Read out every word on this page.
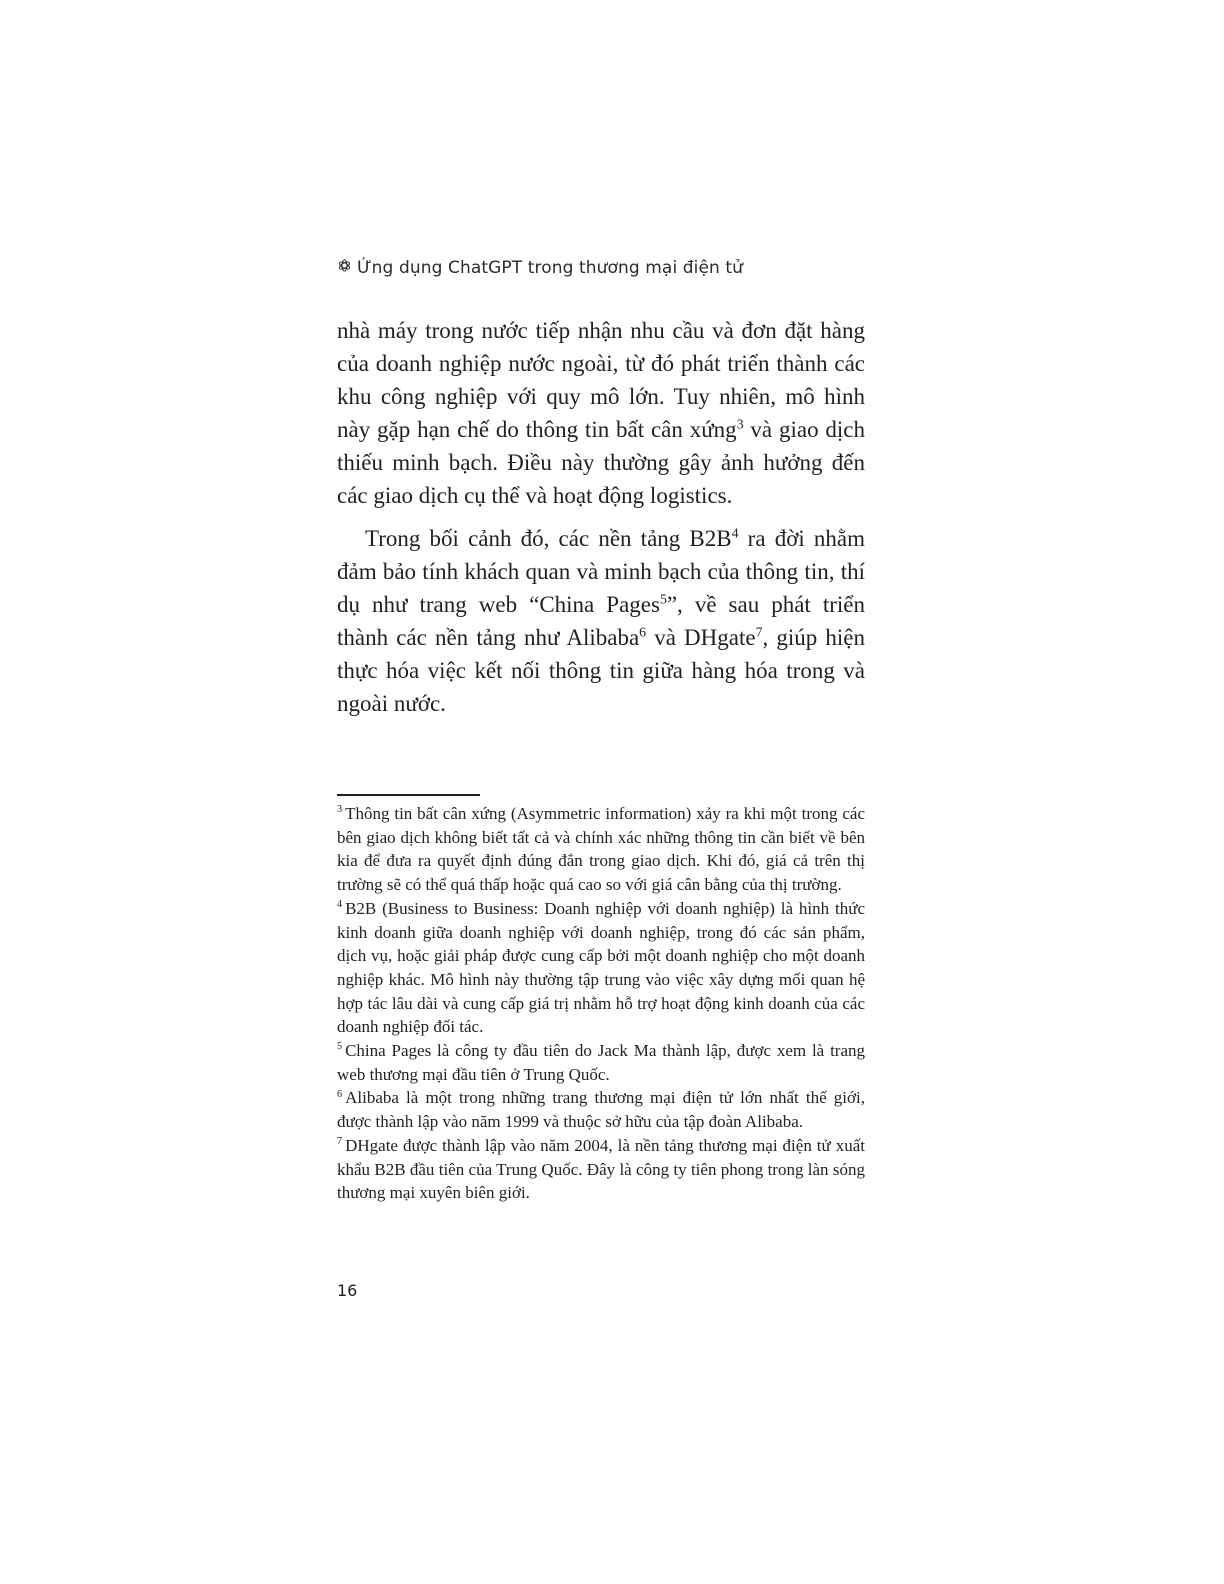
Ứng dụng ChatGPT trong thương mại điện tử

nhà máy trong nước tiếp nhận nhu cầu và đơn đặt hàng của doanh nghiệp nước ngoài, từ đó phát triển thành các khu công nghiệp với quy mô lớn. Tuy nhiên, mô hình này gặp hạn chế do thông tin bất cân xứng$^3$ và giao dịch thiếu minh bạch. Điều này thường gây ảnh hưởng đến các giao dịch cụ thể và hoạt động logistics.

Trong bối cảnh đó, các nền tảng $B2B^4$ ra đời nhằm đảm bảo tính khách quan và minh bạch của thông tin, thí dụ như trang web “China Pages$^5$”, về sau phát triển thành các nền tảng như Alibaba$^6$ và DHgate$^7$, giúp hiện thực hóa việc kết nối thông tin giữa hàng hóa trong và ngoài nước.

$^3$ Thông tin bất cân xứng (Asymmetric information) xảy ra khi một trong các bên giao dịch không biết tất cả và chính xác những thông tin cần biết về bên kia để đưa ra quyết định đúng đắn trong giao dịch. Khi đó, giá cả trên thị trường sẽ có thể quá thấp hoặc quá cao so với giá cân bằng của thị trường.

$^4$ B2B (Business to Business: Doanh nghiệp với doanh nghiệp) là hình thức kinh doanh giữa doanh nghiệp với doanh nghiệp, trong đó các sản phẩm, dịch vụ, hoặc giải pháp được cung cấp bởi một doanh nghiệp cho một doanh nghiệp khác. Mô hình này thường tập trung vào việc xây dựng mối quan hệ hợp tác lâu dài và cung cấp giá trị nhằm hỗ trợ hoạt động kinh doanh của các doanh nghiệp đối tác.

$^5$ China Pages là công ty đầu tiên do Jack Ma thành lập, được xem là trang web thương mại đầu tiên ở Trung Quốc.

$^6$ Alibaba là một trong những trang thương mại điện tử lớn nhất thế giới, được thành lập vào năm 1999 và thuộc sở hữu của tập đoàn Alibaba.

$^7$ DHgate được thành lập vào năm 2004, là nền tảng thương mại điện tử xuất khẩu B2B đầu tiên của Trung Quốc. Đây là công ty tiên phong trong làn sóng thương mại xuyên biên giới.

16
